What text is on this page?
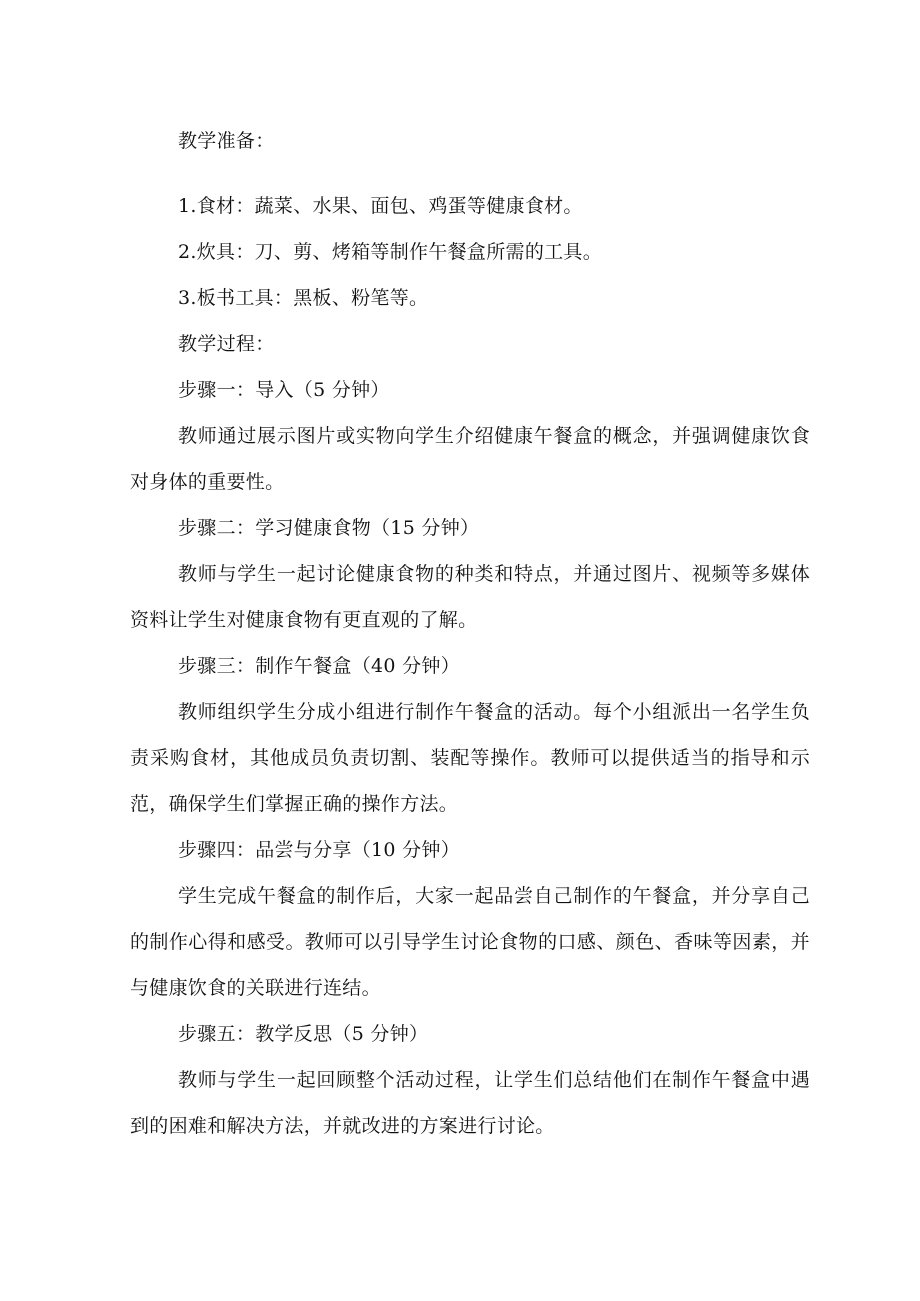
教学准备：

1.食材：蔬菜、水果、面包、鸡蛋等健康食材。

2.炊具：刀、剪、烤箱等制作午餐盒所需的工具。

3.板书工具：黑板、粉笔等。

教学过程：

步骤一：导入（5 分钟）

教师通过展示图片或实物向学生介绍健康午餐盒的概念，并强调健康饮食对身体的重要性。

步骤二：学习健康食物（15 分钟）

教师与学生一起讨论健康食物的种类和特点，并通过图片、视频等多媒体资料让学生对健康食物有更直观的了解。

步骤三：制作午餐盒（40 分钟）

教师组织学生分成小组进行制作午餐盒的活动。每个小组派出一名学生负责采购食材，其他成员负责切割、装配等操作。教师可以提供适当的指导和示范，确保学生们掌握正确的操作方法。

步骤四：品尝与分享（10 分钟）

学生完成午餐盒的制作后，大家一起品尝自己制作的午餐盒，并分享自己的制作心得和感受。教师可以引导学生讨论食物的口感、颜色、香味等因素，并与健康饮食的关联进行连结。

步骤五：教学反思（5 分钟）

教师与学生一起回顾整个活动过程，让学生们总结他们在制作午餐盒中遇到的困难和解决方法，并就改进的方案进行讨论。
